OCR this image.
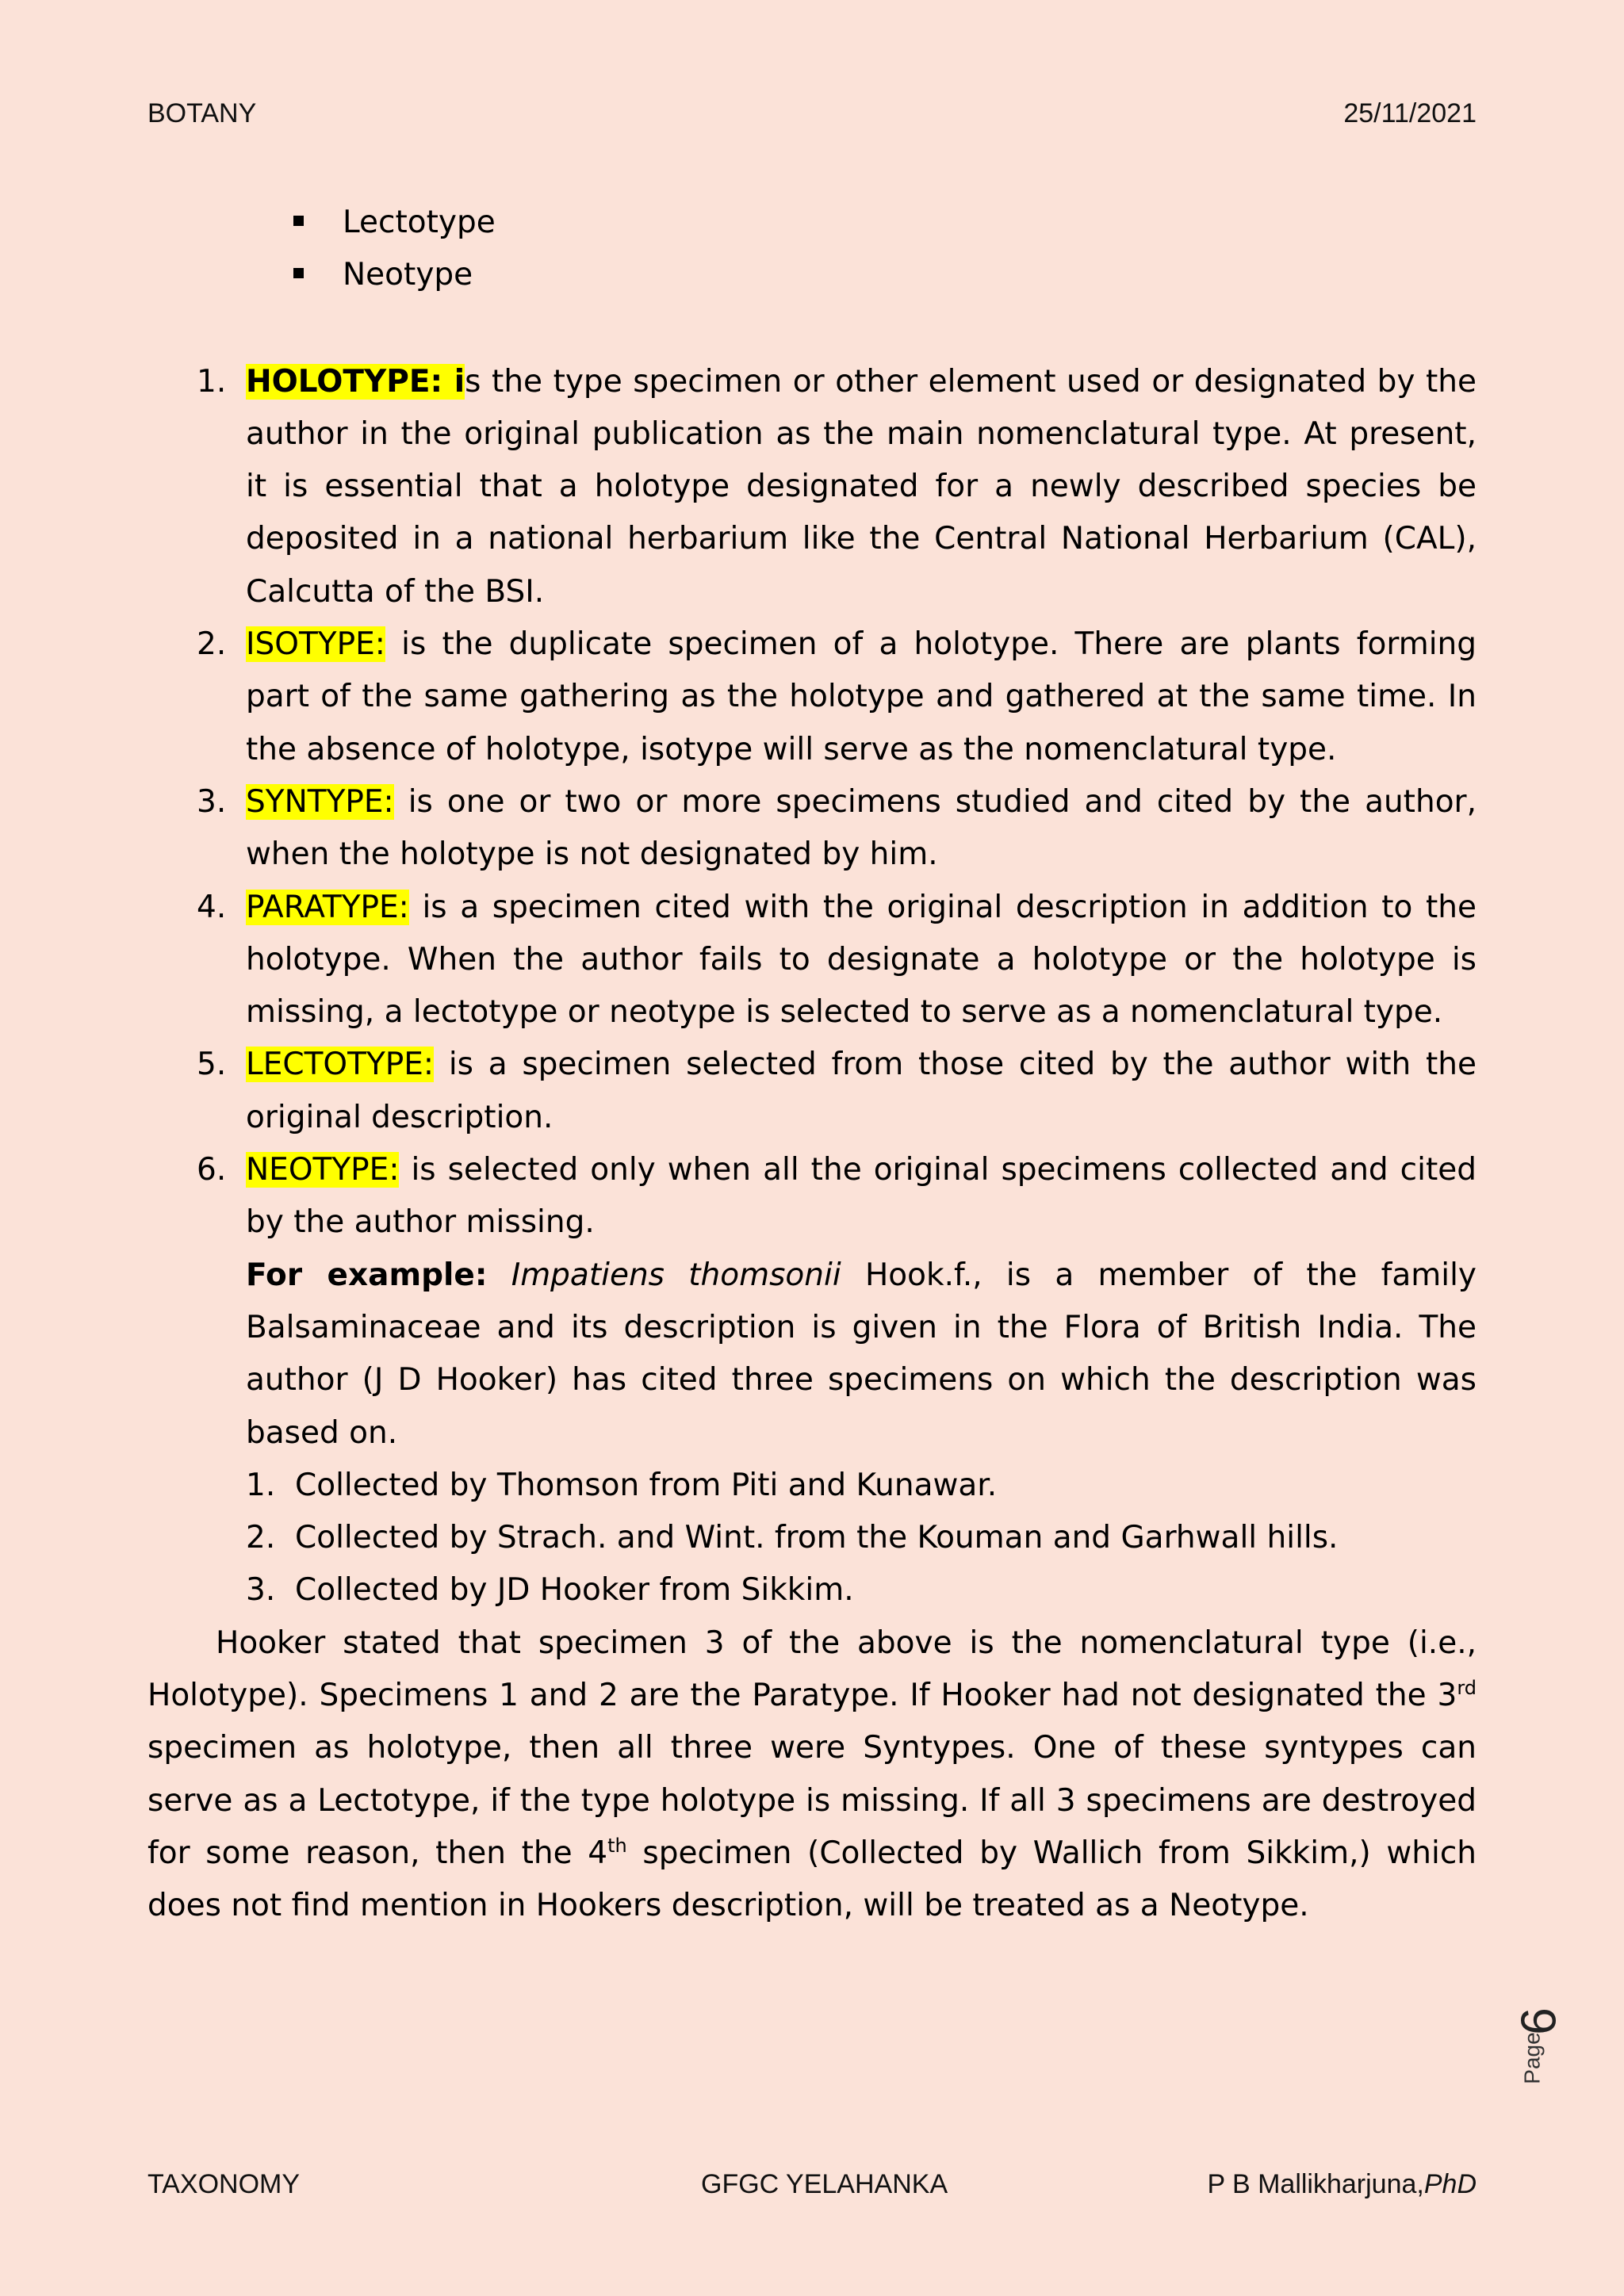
BOTANY	25/11/2021
Lectotype
Neotype
1. HOLOTYPE: is the type specimen or other element used or designated by the author in the original publication as the main nomenclatural type. At present, it is essential that a holotype designated for a newly described species be deposited in a national herbarium like the Central National Herbarium (CAL), Calcutta of the BSI.
2. ISOTYPE: is the duplicate specimen of a holotype. There are plants forming part of the same gathering as the holotype and gathered at the same time. In the absence of holotype, isotype will serve as the nomenclatural type.
3. SYNTYPE: is one or two or more specimens studied and cited by the author, when the holotype is not designated by him.
4. PARATYPE: is a specimen cited with the original description in addition to the holotype. When the author fails to designate a holotype or the holotype is missing, a lectotype or neotype is selected to serve as a nomenclatural type.
5. LECTOTYPE: is a specimen selected from those cited by the author with the original description.
6. NEOTYPE: is selected only when all the original specimens collected and cited by the author missing.
For example: Impatiens thomsonii Hook.f., is a member of the family Balsaminaceae and its description is given in the Flora of British India. The author (J D Hooker) has cited three specimens on which the description was based on.
1. Collected by Thomson from Piti and Kunawar.
2. Collected by Strach. and Wint. from the Kouman and Garhwall hills.
3. Collected by JD Hooker from Sikkim.

Hooker stated that specimen 3 of the above is the nomenclatural type (i.e., Holotype). Specimens 1 and 2 are the Paratype. If Hooker had not designated the 3rd specimen as holotype, then all three were Syntypes. One of these syntypes can serve as a Lectotype, if the type holotype is missing. If all 3 specimens are destroyed for some reason, then the 4th specimen (Collected by Wallich from Sikkim,) which does not find mention in Hookers description, will be treated as a Neotype.

Page
6
TAXONOMY	GFGC YELAHANKA	P B Mallikharjuna,PhD
